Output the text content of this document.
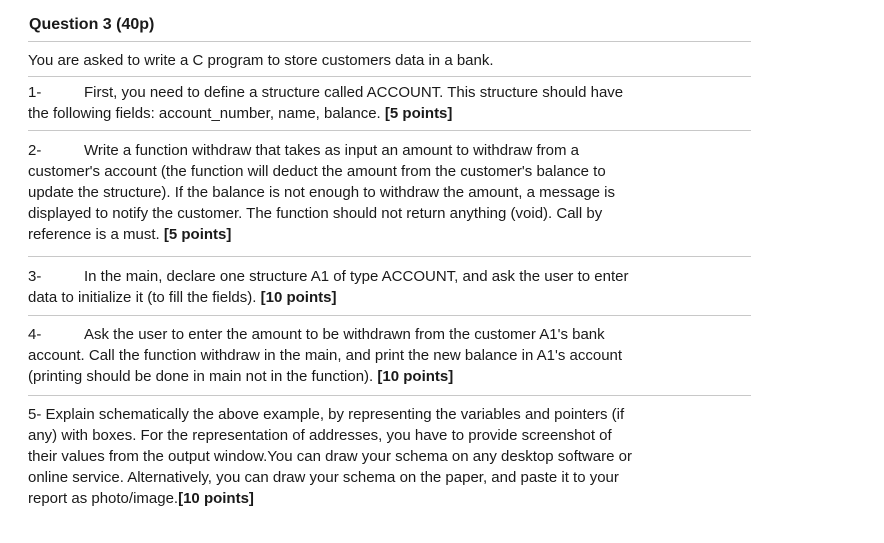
Question 3 (40p)
You are asked to write a C program to store customers data in a bank.
1-	First, you need to define a structure called ACCOUNT. This structure should have
the following fields: account_number, name, balance. [5 points]
2-	Write a function withdraw that takes as input an amount to withdraw from a
customer's account (the function will deduct the amount from the customer's balance to
update the structure). If the balance is not enough to withdraw the amount, a message is
displayed to notify the customer. The function should not return anything (void). Call by
reference is a must. [5 points]
3-	In the main, declare one structure A1 of type ACCOUNT, and ask the user to enter
data to initialize it (to fill the fields). [10 points]
4-	Ask the user to enter the amount to be withdrawn from the customer A1's bank
account. Call the function withdraw in the main, and print the new balance in A1's account
(printing should be done in main not in the function). [10 points]
5- Explain schematically the above example, by representing the variables and pointers (if
any) with boxes. For the representation of addresses, you have to provide screenshot of
their values from the output window.You can draw your schema on any desktop software or
online service. Alternatively, you can draw your schema on the paper, and paste it to your
report as photo/image.[10 points]
